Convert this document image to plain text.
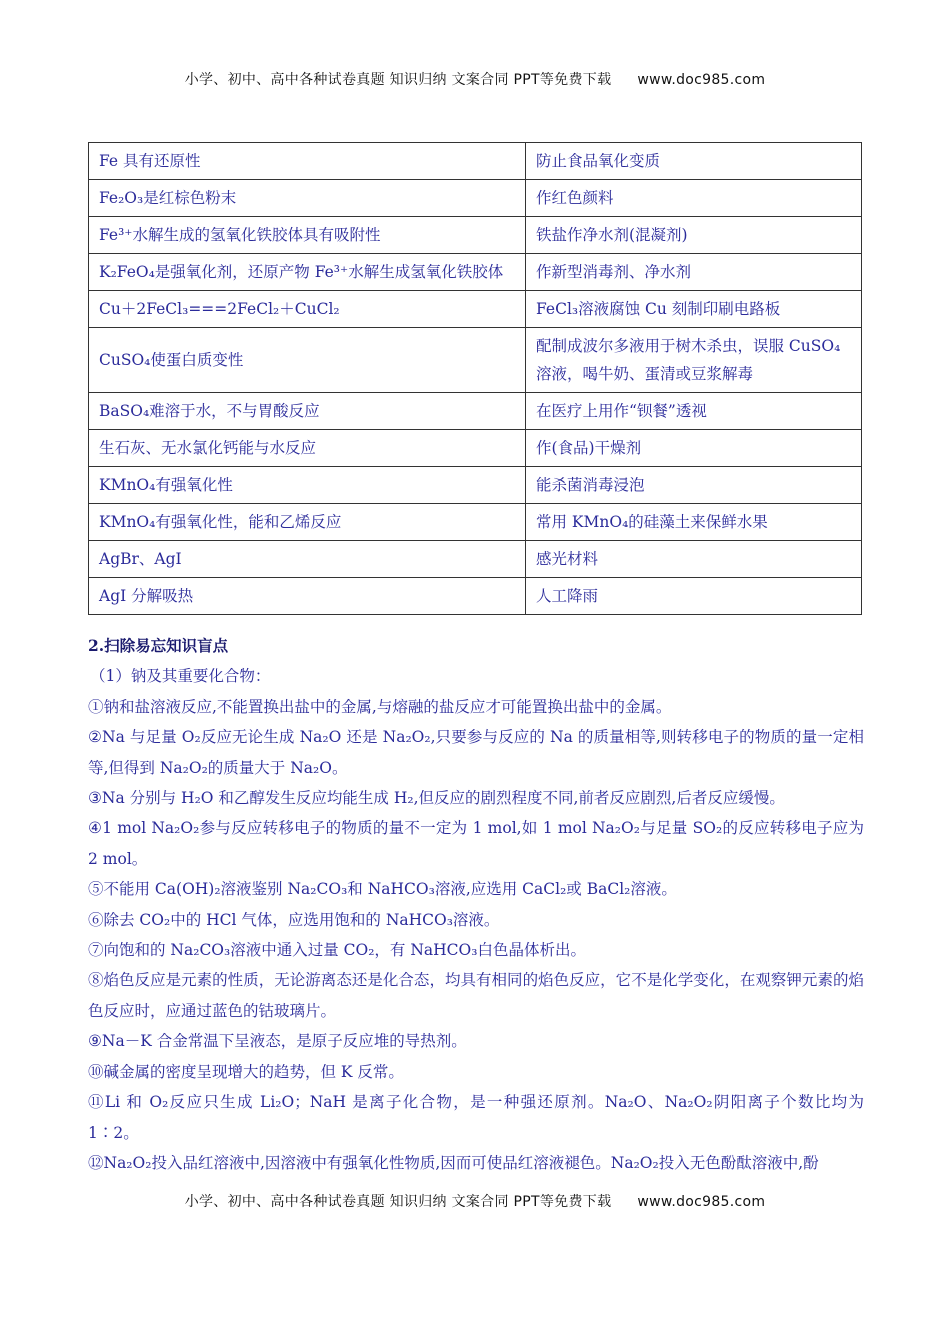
小学、初中、高中各种试卷真题 知识归纳 文案合同 PPT等免费下载 www.doc985.com
Fe 具有还原性	防止食品氧化变质
Fe₂O₃是红棕色粉末	作红色颜料
Fe³⁺水解生成的氢氧化铁胶体具有吸附性	铁盐作净水剂(混凝剂)
K₂FeO₄是强氧化剂，还原产物 Fe³⁺水解生成氢氧化铁胶体	作新型消毒剂、净水剂
Cu＋2FeCl₃===2FeCl₂＋CuCl₂	FeCl₃溶液腐蚀 Cu 刻制印刷电路板
CuSO₄使蛋白质变性	配制成波尔多液用于树木杀虫，误服 CuSO₄溶液，喝牛奶、蛋清或豆浆解毒
BaSO₄难溶于水，不与胃酸反应	在医疗上用作“钡餐”透视
生石灰、无水氯化钙能与水反应	作(食品)干燥剂
KMnO₄有强氧化性	能杀菌消毒浸泡
KMnO₄有强氧化性，能和乙烯反应	常用 KMnO₄的硅藻土来保鲜水果
AgBr、AgI	感光材料
AgI 分解吸热	人工降雨

2.扫除易忘知识盲点

（1）钠及其重要化合物：

①钠和盐溶液反应,不能置换出盐中的金属,与熔融的盐反应才可能置换出盐中的金属。

②Na 与足量 O₂反应无论生成 Na₂O 还是 Na₂O₂,只要参与反应的 Na 的质量相等,则转移电子的物质的量一定相等,但得到 Na₂O₂的质量大于 Na₂O。

③Na 分别与 H₂O 和乙醇发生反应均能生成 H₂,但反应的剧烈程度不同,前者反应剧烈,后者反应缓慢。

④1 mol Na₂O₂参与反应转移电子的物质的量不一定为 1 mol,如 1 mol Na₂O₂与足量 SO₂的反应转移电子应为 2 mol。

⑤不能用 Ca(OH)₂溶液鉴别 Na₂CO₃和 NaHCO₃溶液,应选用 CaCl₂或 BaCl₂溶液。

⑥除去 CO₂中的 HCl 气体，应选用饱和的 NaHCO₃溶液。

⑦向饱和的 Na₂CO₃溶液中通入过量 CO₂，有 NaHCO₃白色晶体析出。

⑧焰色反应是元素的性质，无论游离态还是化合态，均具有相同的焰色反应，它不是化学变化，在观察钾元素的焰色反应时，应通过蓝色的钴玻璃片。

⑨Na－K 合金常温下呈液态，是原子反应堆的导热剂。

⑩碱金属的密度呈现增大的趋势，但 K 反常。

⑪Li 和 O₂反应只生成 Li₂O；NaH 是离子化合物，是一种强还原剂。Na₂O、Na₂O₂阴阳离子个数比均为 1∶2。

⑫Na₂O₂投入品红溶液中,因溶液中有强氧化性物质,因而可使品红溶液褪色。Na₂O₂投入无色酚酞溶液中,酚

小学、初中、高中各种试卷真题 知识归纳 文案合同 PPT等免费下载 www.doc985.com
